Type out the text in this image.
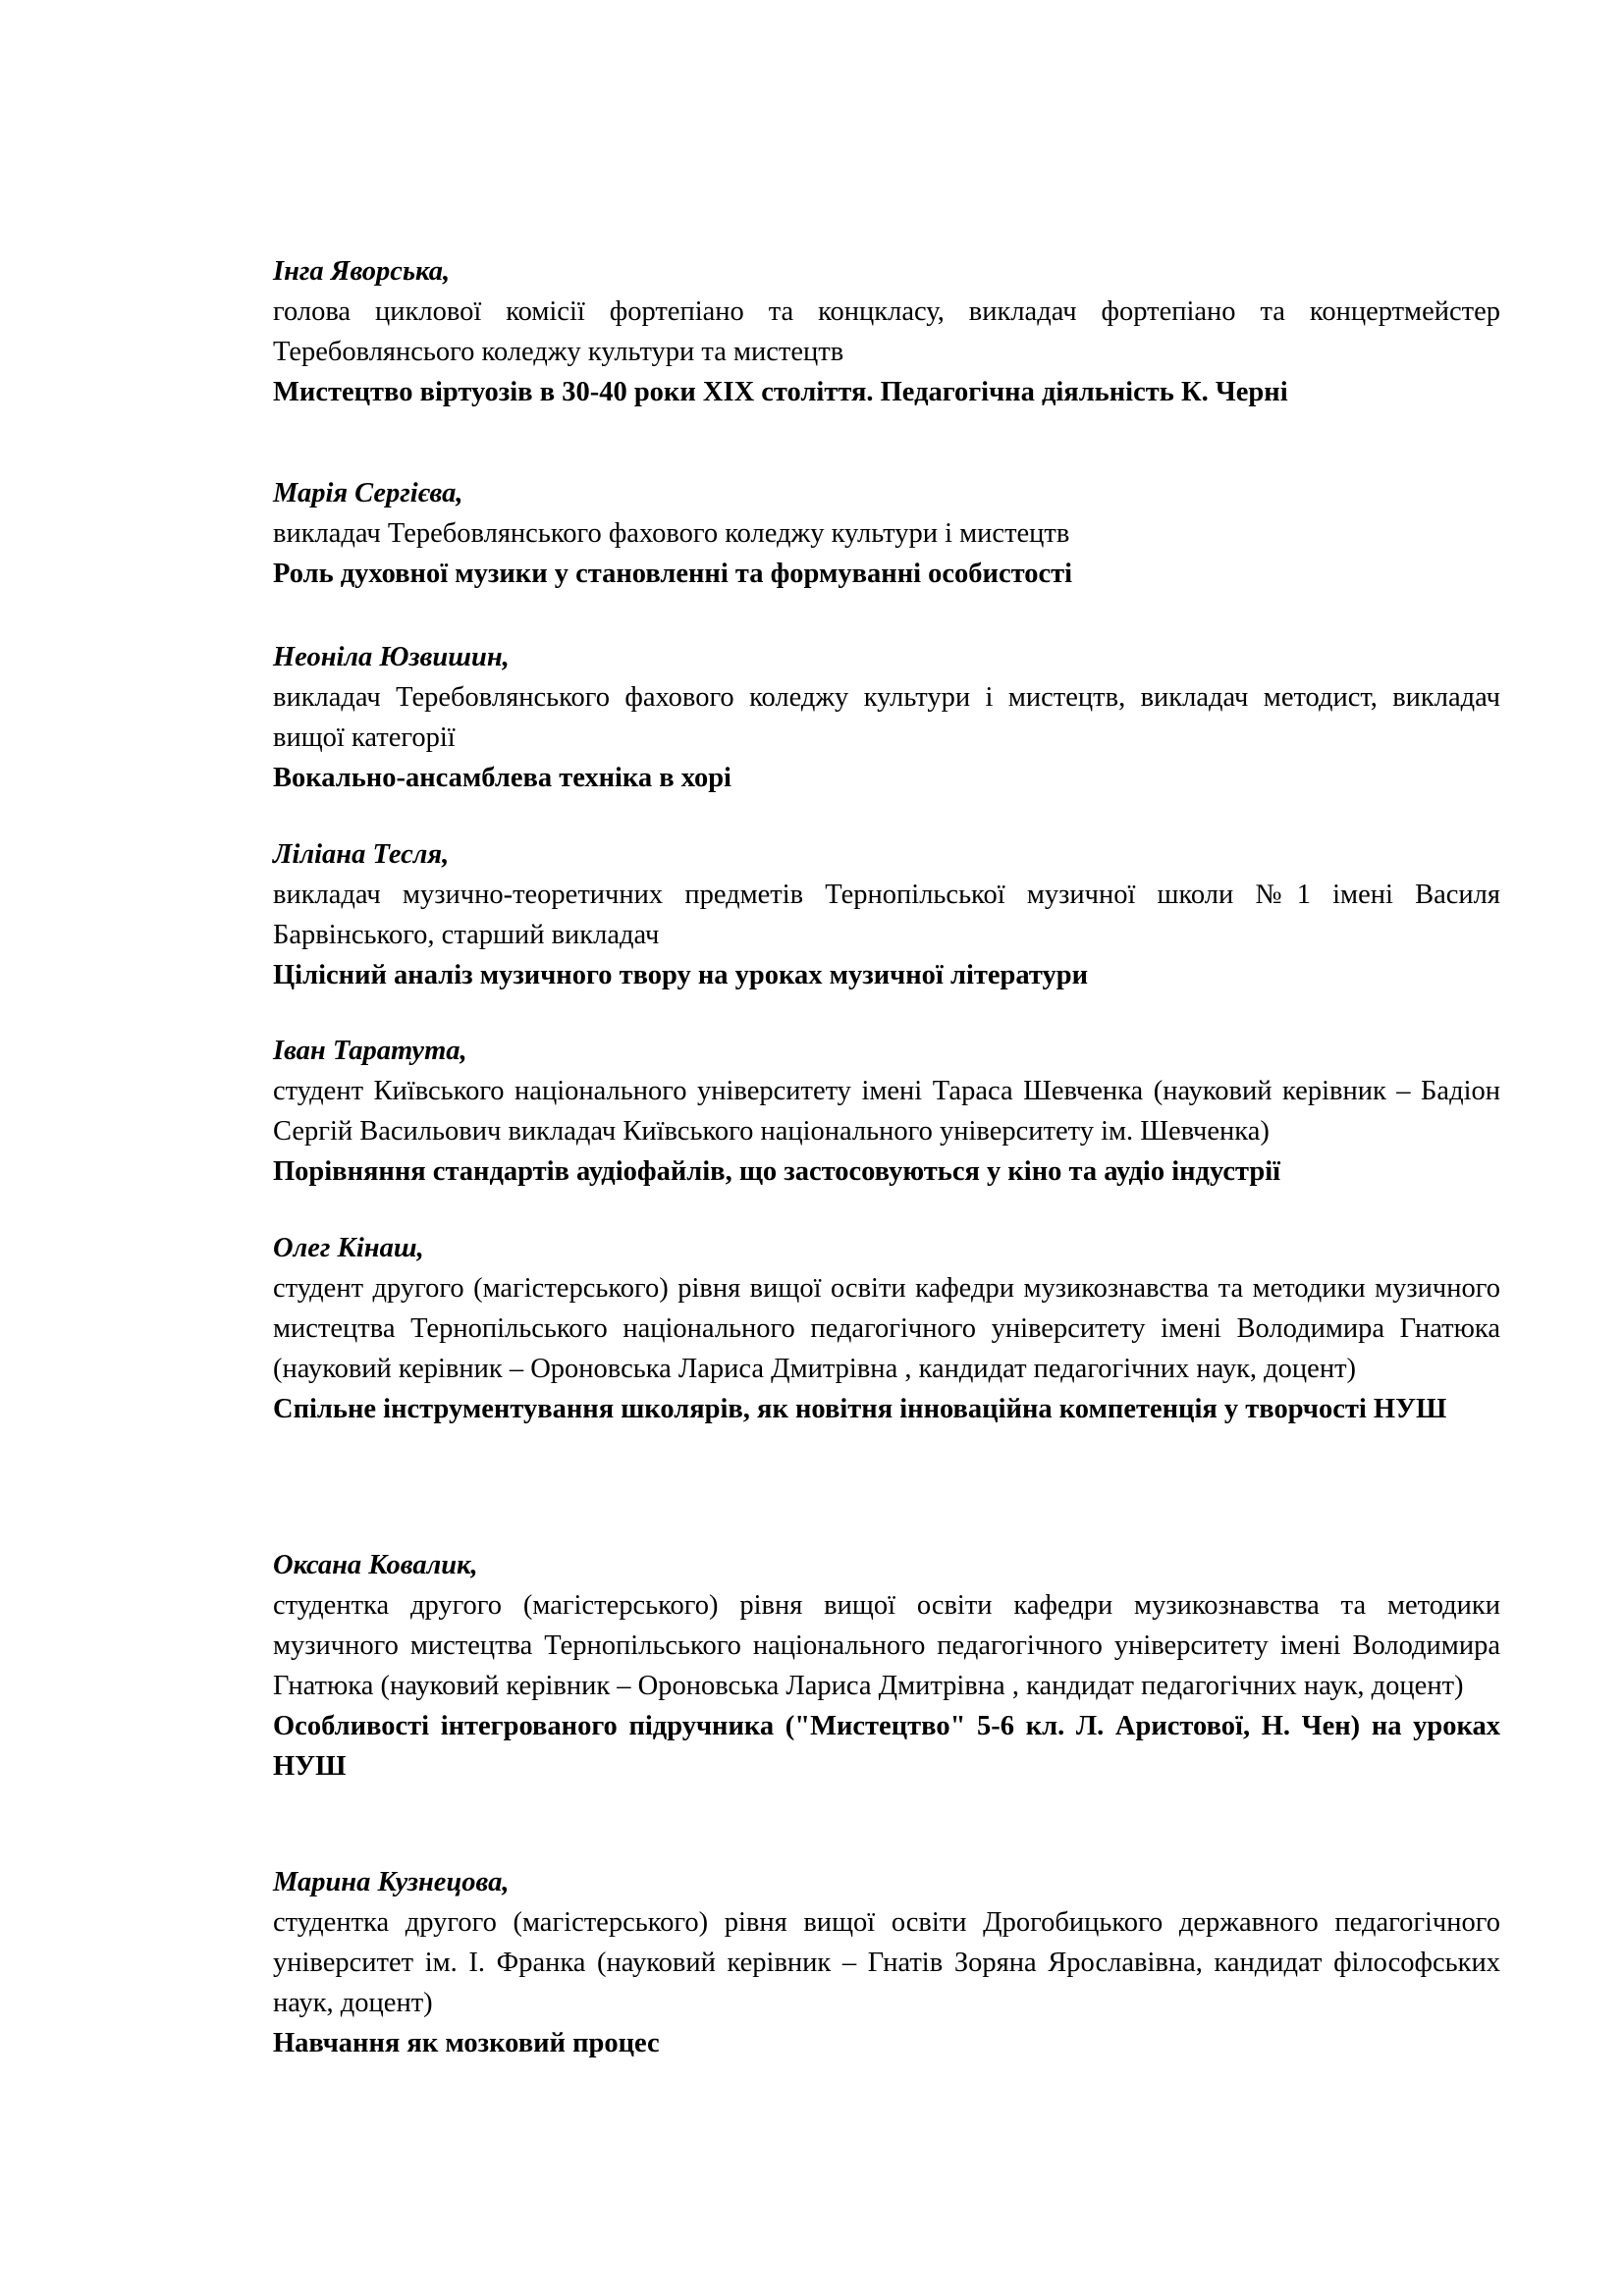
Інга Яворська,

голова циклової комісії фортепіано та концкласу, викладач фортепіано та концертмейстер Теребовлянсього коледжу культури та мистецтв

Мистецтво віртуозів в 30-40 роки XIX століття. Педагогічна діяльність К. Черні

Марія Сергієва,

викладач Теребовлянського фахового коледжу культури і мистецтв

Роль духовної музики у становленні та формуванні особистості

Неоніла Юзвишин,

викладач Теребовлянського фахового коледжу культури і мистецтв, викладач методист, викладач вищої категорії

Вокально-ансамблева техніка в хорі

Ліліана Тесля,

викладач музично-теоретичних предметів Тернопільської музичної школи №1 імені Василя Барвінського, старший викладач

Цілісний аналіз музичного твору на уроках музичної літератури

Іван Таратута,

студент Київського національного університету імені Тараса Шевченка (науковий керівник – Бадіон Сергій Васильович викладач Київського національного університету ім. Шевченка)

Порівняння стандартів аудіофайлів, що застосовуються у кіно та аудіо індустрії

Олег Кінаш,

студент другого (магістерського) рівня вищої освіти кафедри музикознавства та методики музичного мистецтва Тернопільського національного педагогічного університету імені Володимира Гнатюка (науковий керівник – Ороновська Лариса Дмитрівна , кандидат педагогічних наук, доцент)

Спільне інструментування школярів, як новітня інноваційна компетенція у творчості НУШ

Оксана Ковалик,

студентка другого (магістерського) рівня вищої освіти кафедри музикознавства та методики музичного мистецтва Тернопільського національного педагогічного університету імені Володимира Гнатюка (науковий керівник – Ороновська Лариса Дмитрівна , кандидат педагогічних наук, доцент)

Особливості інтегрованого підручника ("Мистецтво" 5-6 кл. Л. Аристової, Н. Чен) на уроках НУШ

Марина Кузнецова,

студентка другого (магістерського) рівня вищої освіти Дрогобицького державного педагогічного університет ім. І. Франка (науковий керівник – Гнатів Зоряна Ярославівна, кандидат філософських наук, доцент)

Навчання як мозковий процес
